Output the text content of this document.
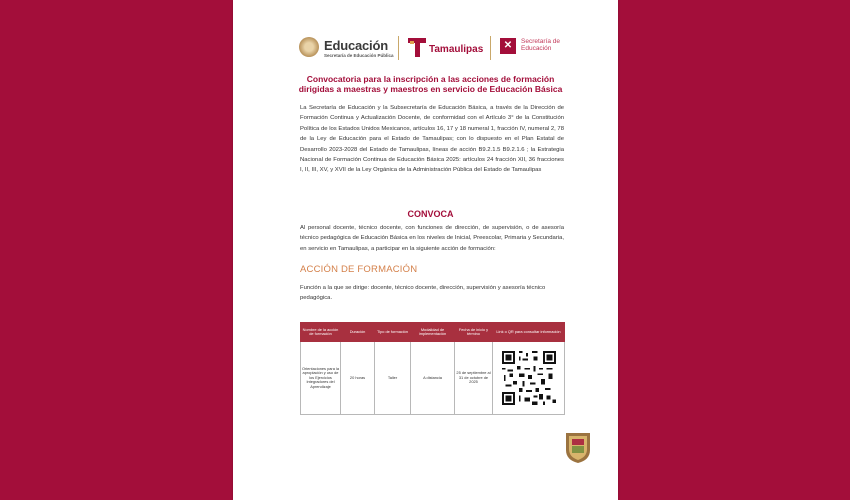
Educación
Secretaría de Educación Pública
Tamaulipas	✕	Secretaría de Educación
Convocatoria para la inscripción a las acciones de formación dirigidas a maestras y maestros en servicio de Educación Básica
La Secretaría de Educación y la Subsecretaría de Educación Básica, a través de la Dirección de Formación Continua y Actualización Docente, de conformidad con el Artículo 3° de la Constitución Política de los Estados Unidos Mexicanos, artículos 16, 17 y 18 numeral 1, fracción IV, numeral 2, 78 de la Ley de Educación para el Estado de Tamaulipas; con lo dispuesto en el Plan Estatal de Desarrollo 2023-2028 del Estado de Tamaulipas, líneas de acción B9.2.1.5 B9.2.1.6 ; la Estrategia Nacional de Formación Continua de Educación Básica 2025: artículos 24 fracción XII, 36 fracciones I, II, III, XV, y XVII de la Ley Orgánica de la Administración Pública del Estado de Tamaulipas
CONVOCA
Al personal docente, técnico docente, con funciones de dirección, de supervisión, o de asesoría técnico pedagógica de Educación Básica en los niveles de Inicial, Preescolar, Primaria y Secundaria, en servicio en Tamaulipas, a participar en la siguiente acción de formación:
ACCIÓN DE FORMACIÓN
Función a la que se dirige: docente, técnico docente, dirección, supervisión y asesoría técnico pedagógica.
Nombre de la acción de formación	Duración	Tipo de formación	Modalidad de implementación	Fecha de inicio y término	Link o QR para consultar información
Orientaciones para la apropiación y uso de los Ejercicios Integradores del Aprendizaje	20 horas	Taller	A distancia	25 de septiembre al 31 de octubre de 2025	
